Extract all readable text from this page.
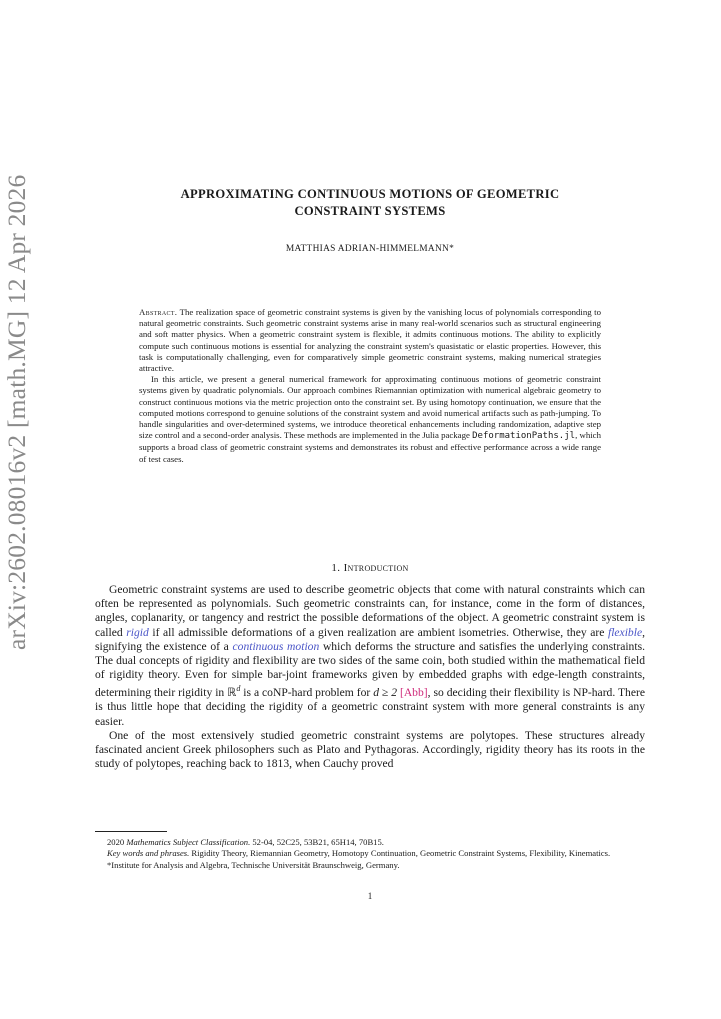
arXiv:2602.08016v2 [math.MG] 12 Apr 2026	APPROXIMATING CONTINUOUS MOTIONS OF GEOMETRIC
CONSTRAINT SYSTEMS
MATTHIAS ADRIAN-HIMMELMANN*

Abstract. The realization space of geometric constraint systems is given by the vanishing locus of polynomials corresponding to natural geometric constraints. Such geometric constraint systems arise in many real-world scenarios such as structural engineering and soft matter physics. When a geometric constraint system is flexible, it admits continuous motions. The ability to explicitly compute such continuous motions is essential for analyzing the constraint system's quasistatic or elastic properties. However, this task is computationally challenging, even for comparatively simple geometric constraint systems, making numerical strategies attractive.

In this article, we present a general numerical framework for approximating continuous motions of geometric constraint systems given by quadratic polynomials. Our approach combines Riemannian optimization with numerical algebraic geometry to construct continuous motions via the metric projection onto the constraint set. By using homotopy continuation, we ensure that the computed motions correspond to genuine solutions of the constraint system and avoid numerical artifacts such as path-jumping. To handle singularities and over-determined systems, we introduce theoretical enhancements including randomization, adaptive step size control and a second-order analysis. These methods are implemented in the Julia package DeformationPaths.jl, which supports a broad class of geometric constraint systems and demonstrates its robust and effective performance across a wide range of test cases.

1. Introduction

Geometric constraint systems are used to describe geometric objects that come with natural constraints which can often be represented as polynomials. Such geometric constraints can, for instance, come in the form of distances, angles, coplanarity, or tangency and restrict the possible deformations of the object. A geometric constraint system is called rigid if all admissible deformations of a given realization are ambient isometries. Otherwise, they are flexible, signifying the existence of a continuous motion which deforms the structure and satisfies the underlying constraints. The dual concepts of rigidity and flexibility are two sides of the same coin, both studied within the mathematical field of rigidity theory. Even for simple bar-joint frameworks given by embedded graphs with edge-length constraints, determining their rigidity in ℝ$^d$ is a coNP-hard problem for d ≥ 2 [Abb], so deciding their flexibility is NP-hard. There is thus little hope that deciding the rigidity of a geometric constraint system with more general constraints is any easier.

One of the most extensively studied geometric constraint systems are polytopes. These structures already fascinated ancient Greek philosophers such as Plato and Pythagoras. Accordingly, rigidity theory has its roots in the study of polytopes, reaching back to 1813, when Cauchy proved

2020 Mathematics Subject Classification. 52-04, 52C25, 53B21, 65H14, 70B15.

Key words and phrases. Rigidity Theory, Riemannian Geometry, Homotopy Continuation, Geometric Constraint Systems, Flexibility, Kinematics.

*Institute for Analysis and Algebra, Technische Universität Braunschweig, Germany.

1
